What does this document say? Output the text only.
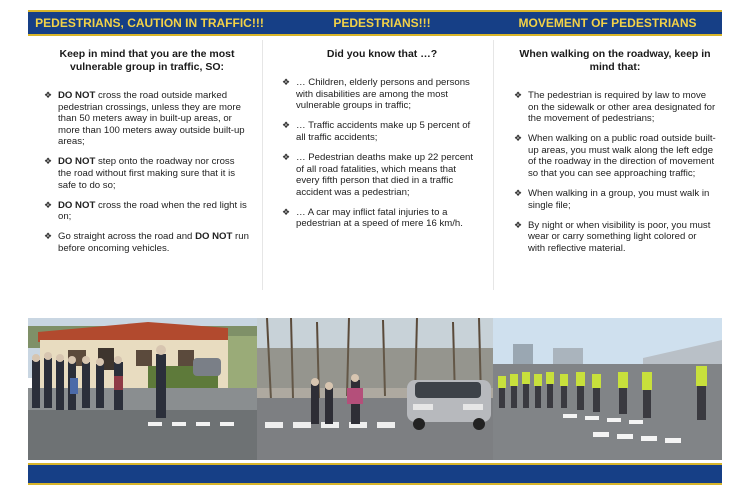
PEDESTRIANS, CAUTION IN TRAFFIC!!!	PEDESTRIANS!!!	MOVEMENT OF PEDESTRIANS
Keep in mind that you are the most vulnerable group in traffic, SO:
❖ DO NOT cross the road outside marked pedestrian crossings, unless they are more than 50 meters away in built-up areas, or more than 100 meters away outside built-up areas;
❖ DO NOT step onto the roadway nor cross the road without first making sure that it is safe to do so;
❖ DO NOT cross the road when the red light is on;
❖ Go straight across the road and DO NOT run before oncoming vehicles.
Did you know that …?
❖ … Children, elderly persons and persons with disabilities are among the most vulnerable groups in traffic;
❖ … Traffic accidents make up 5 percent of all traffic accidents;
❖ … Pedestrian deaths make up 22 percent of all road fatalities, which means that every fifth person that died in a traffic accident was a pedestrian;
❖ … A car may inflict fatal injuries to a pedestrian at a speed of mere 16 km/h.
When walking on the roadway, keep in mind that:
❖ The pedestrian is required by law to move on the sidewalk or other area designated for the movement of pedestrians;
❖ When walking on a public road outside built-up areas, you must walk along the left edge of the roadway in the direction of movement so that you can see approaching traffic;
❖ When walking in a group, you must walk in single file;
❖ By night or when visibility is poor, you must wear or carry something light colored or with reflective material.
